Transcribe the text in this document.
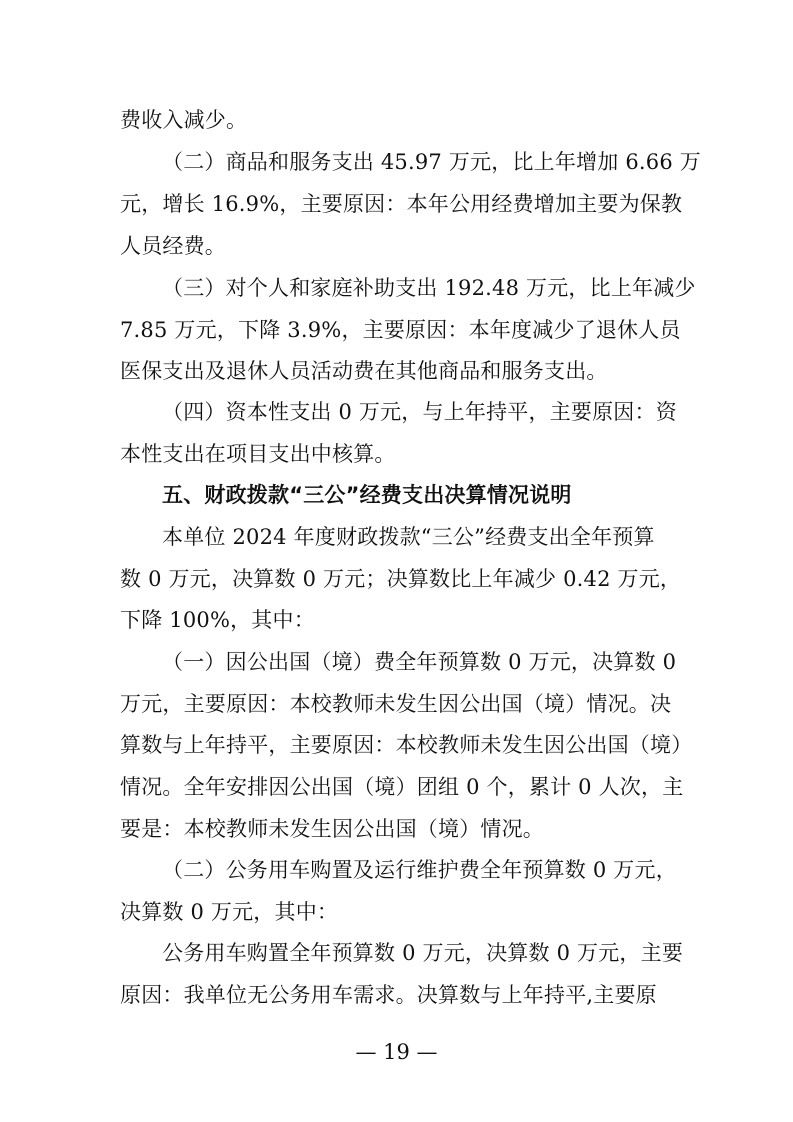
费收入减少。
（二）商品和服务支出 45.97 万元，比上年增加 6.66 万
元，增长 16.9%，主要原因：本年公用经费增加主要为保教
人员经费。
（三）对个人和家庭补助支出 192.48 万元，比上年减少
7.85 万元，下降 3.9%，主要原因：本年度减少了退休人员
医保支出及退休人员活动费在其他商品和服务支出。
（四）资本性支出 0 万元，与上年持平，主要原因：资
本性支出在项目支出中核算。
五、财政拨款“三公”经费支出决算情况说明
本单位 2024 年度财政拨款“三公”经费支出全年预算
数 0 万元，决算数 0 万元；决算数比上年减少 0.42 万元，
下降 100%，其中：
（一）因公出国（境）费全年预算数 0 万元，决算数 0
万元，主要原因：本校教师未发生因公出国（境）情况。决
算数与上年持平，主要原因：本校教师未发生因公出国（境）
情况。全年安排因公出国（境）团组 0 个，累计 0 人次，主
要是：本校教师未发生因公出国（境）情况。
（二）公务用车购置及运行维护费全年预算数 0 万元，
决算数 0 万元，其中：
公务用车购置全年预算数 0 万元，决算数 0 万元，主要
原因：我单位无公务用车需求。决算数与上年持平,主要原
— 19 —
